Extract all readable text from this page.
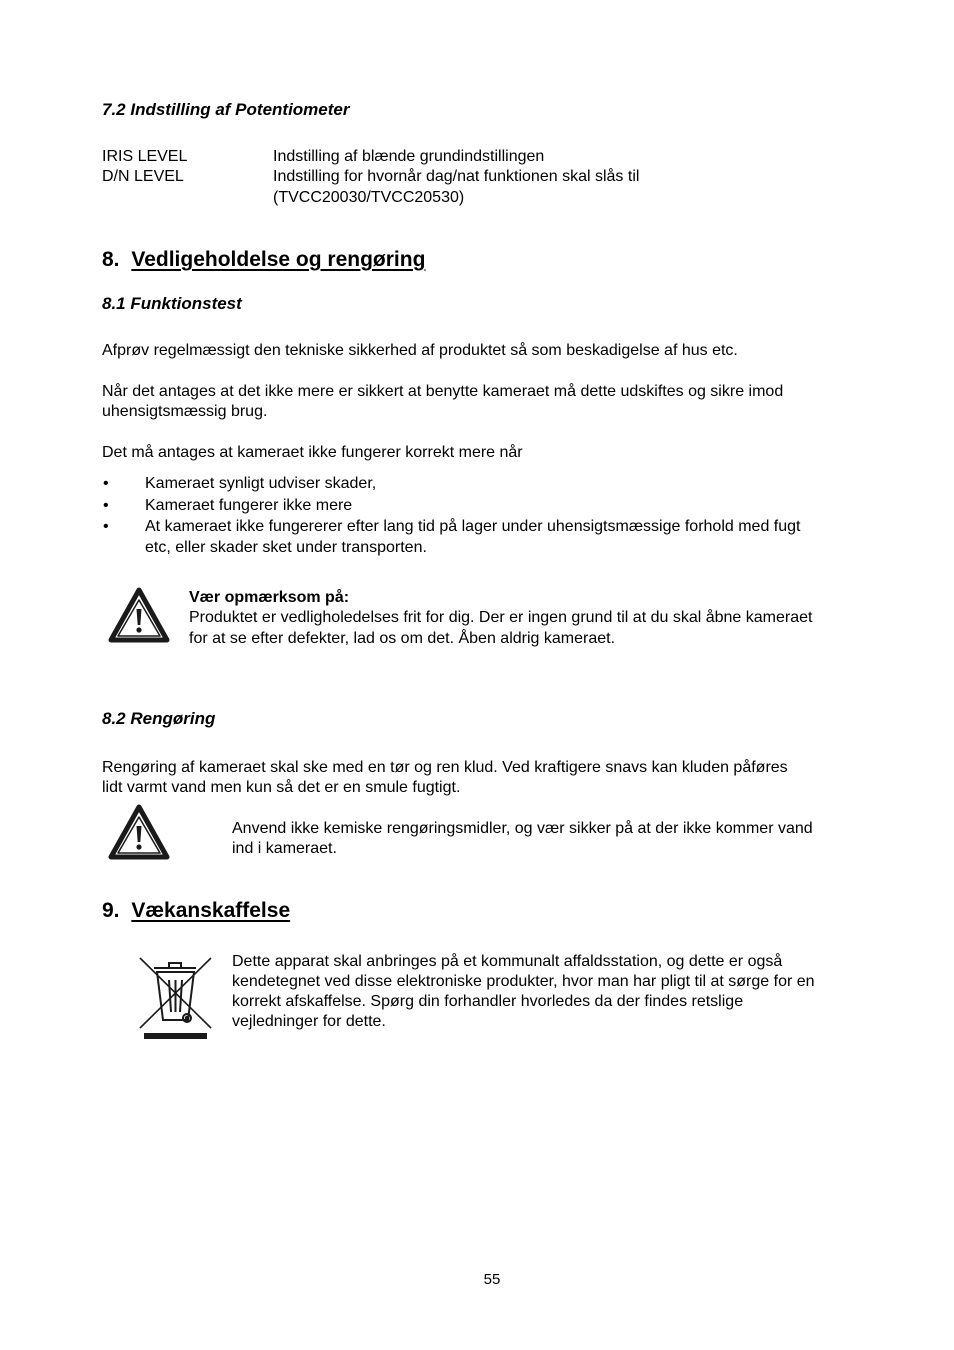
7.2 Indstilling af Potentiometer
IRIS LEVEL	Indstilling af blænde grundindstillingen
D/N LEVEL	Indstilling for hvornår dag/nat funktionen skal slås til
(TVCC20030/TVCC20530)
8. Vedligeholdelse og rengøring
8.1 Funktionstest
Afprøv regelmæssigt den tekniske sikkerhed af produktet så som beskadigelse af hus etc.
Når det antages at det ikke mere er sikkert at benytte kameraet må dette udskiftes og sikre imod
uhensigtsmæssig brug.
Det må antages at kameraet ikke fungerer korrekt mere når
• Kameraet synligt udviser skader,
• Kameraet fungerer ikke mere
• At kameraet ikke fungererer efter lang tid på lager under uhensigtsmæssige forhold med fugt
etc, eller skader sket under transporten.
Vær opmærksom på:
Produktet er vedligholedelses frit for dig. Der er ingen grund til at du skal åbne kameraet
for at se efter defekter, lad os om det. Åben aldrig kameraet.
8.2 Rengøring
Rengøring af kameraet skal ske med en tør og ren klud. Ved kraftigere snavs kan kluden påføres
lidt varmt vand men kun så det er en smule fugtigt.
Anvend ikke kemiske rengøringsmidler, og vær sikker på at der ikke kommer vand
ind i kameraet.
9. Vækanskaffelse
Dette apparat skal anbringes på et kommunalt affaldsstation, og dette er også
kendetegnet ved disse elektroniske produkter, hvor man har pligt til at sørge for en
korrekt afskaffelse. Spørg din forhandler hvorledes da der findes retslige
vejledninger for dette.
55
